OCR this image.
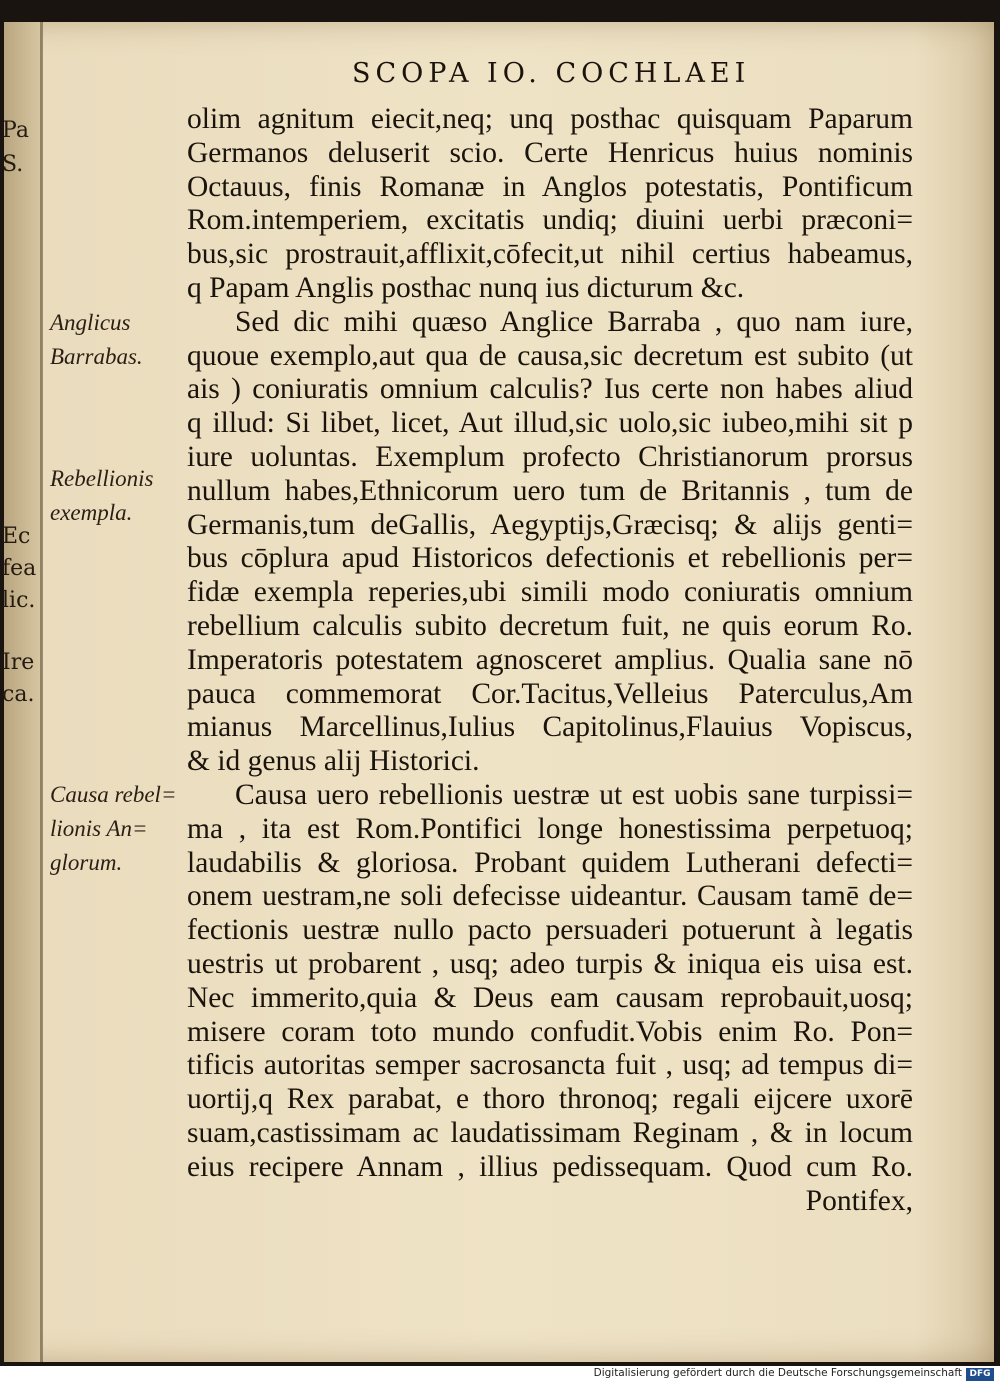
Pa
S.
Ec
fea
lic.
Ire
ca.
SCOPA IO. COCHLAEI
Anglicus
Barrabas.
Rebellionis
exempla.
Causa rebel=
lionis An=
glorum.
olim agnitum eiecit,neq; unq posthac quisquam Paparum
Germanos deluserit scio. Certe Henricus huius nominis
Octauus, finis Romanæ in Anglos potestatis, Pontificum
Rom.intemperiem, excitatis undiq; diuini uerbi præconi=
bus,sic prostrauit,afflixit,cōfecit,ut nihil certius habeamus,
q Papam Anglis posthac nunq ius dicturum &c.
Sed dic mihi quæso Anglice Barraba , quo nam iure,
quoue exemplo,aut qua de causa,sic decretum est subito (ut
ais ) coniuratis omnium calculis? Ius certe non habes aliud
q illud: Si libet, licet, Aut illud,sic uolo,sic iubeo,mihi sit p
iure uoluntas. Exemplum profecto Christianorum prorsus
nullum habes,Ethnicorum uero tum de Britannis , tum de
Germanis,tum deGallis, Aegyptijs,Græcisq; & alijs genti=
bus cōplura apud Historicos defectionis et rebellionis per=
fidæ exempla reperies,ubi simili modo coniuratis omnium
rebellium calculis subito decretum fuit, ne quis eorum Ro.
Imperatoris potestatem agnosceret amplius. Qualia sane nō
pauca commemorat Cor.Tacitus,Velleius Paterculus,Am
mianus Marcellinus,Iulius Capitolinus,Flauius Vopiscus,
& id genus alij Historici.
Causa uero rebellionis uestræ ut est uobis sane turpissi=
ma , ita est Rom.Pontifici longe honestissima perpetuoq;
laudabilis & gloriosa. Probant quidem Lutherani defecti=
onem uestram,ne soli defecisse uideantur. Causam tamē de=
fectionis uestræ nullo pacto persuaderi potuerunt à legatis
uestris ut probarent , usq; adeo turpis & iniqua eis uisa est.
Nec immerito,quia & Deus eam causam reprobauit,uosq;
misere coram toto mundo confudit.Vobis enim Ro. Pon=
tificis autoritas semper sacrosancta fuit , usq; ad tempus di=
uortij,q Rex parabat, e thoro thronoq; regali eijcere uxorē
suam,castissimam ac laudatissimam Reginam , & in locum
eius recipere Annam , illius pedissequam. Quod cum Ro.
Pontifex,
Digitalisierung gefördert durch die Deutsche Forschungsgemeinschaft DFG
